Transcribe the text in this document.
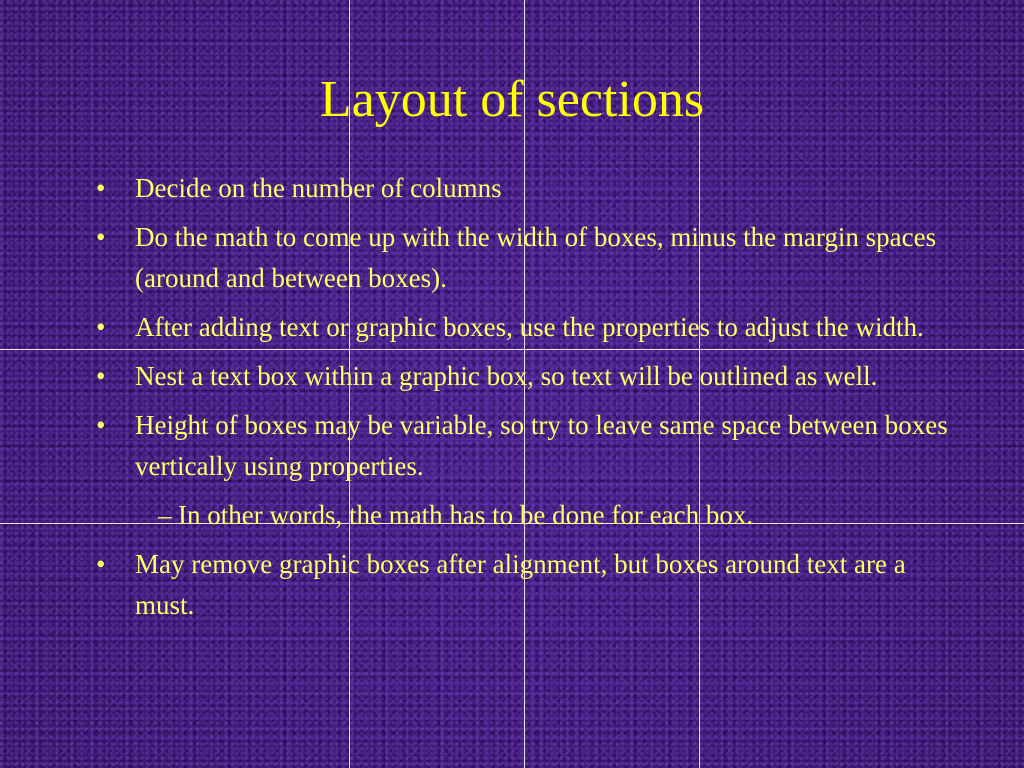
Layout of sections
• Decide on the number of columns
• Do the math to come up with the width of boxes, minus the margin spaces (around and between boxes).
• After adding text or graphic boxes, use the properties to adjust the width.
• Nest a text box within a graphic box, so text will be outlined as well.
• Height of boxes may be variable, so try to leave same space between boxes vertically using properties.
– In other words, the math has to be done for each box.
• May remove graphic boxes after alignment, but boxes around text are a must.
